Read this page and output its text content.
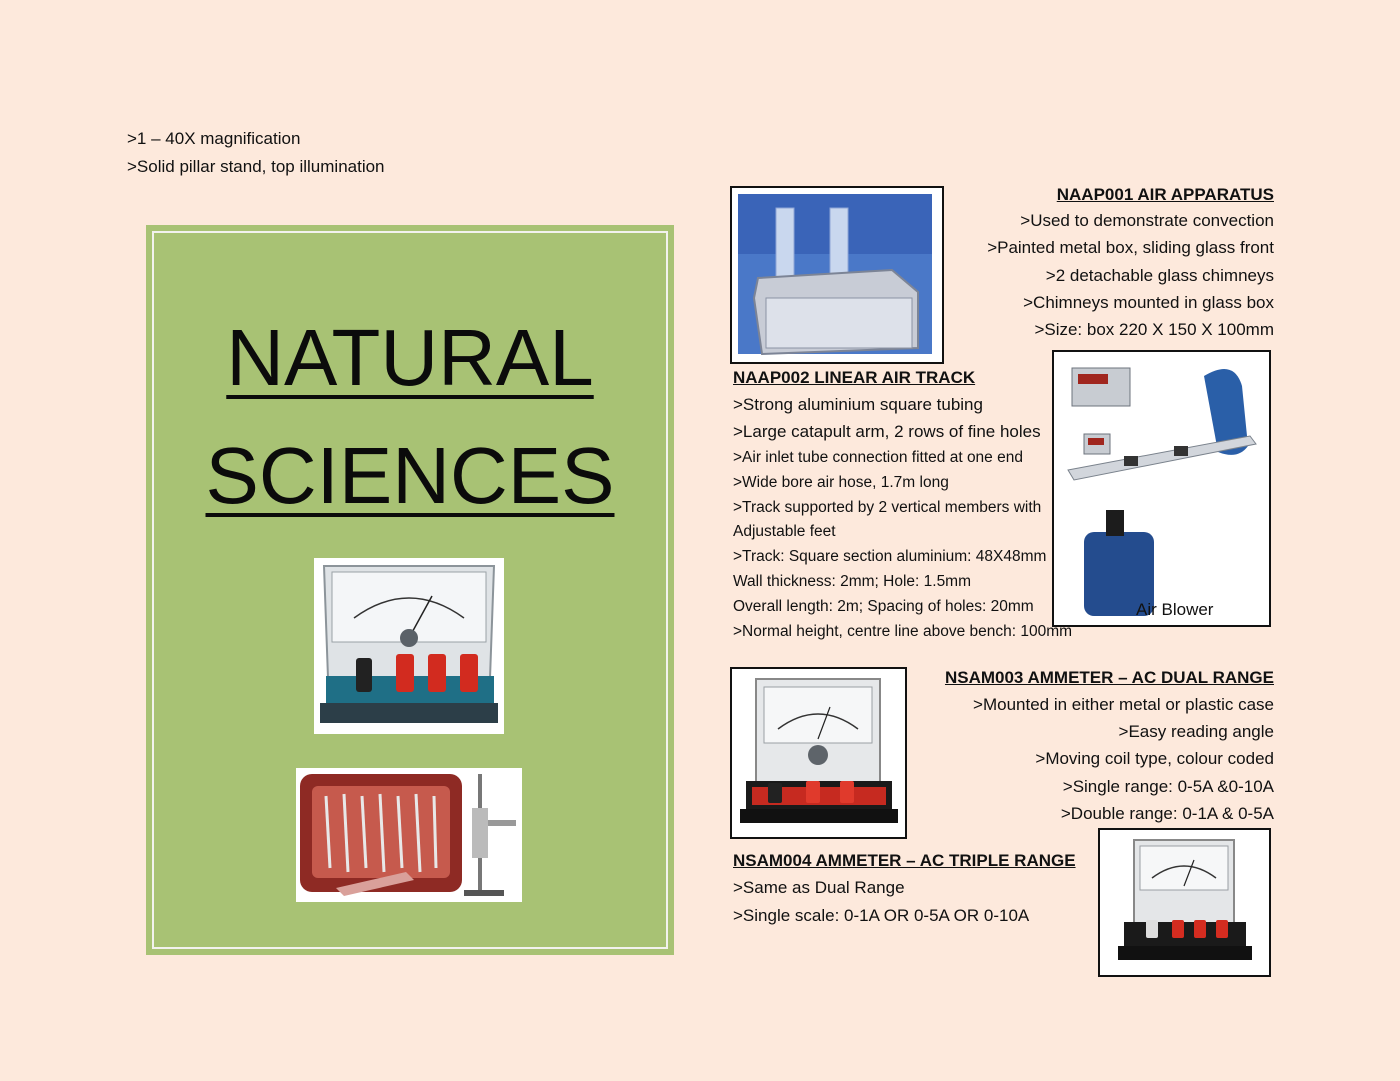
>1 – 40X magnification
>Solid pillar stand, top illumination
NATURAL
SCIENCES
NAAP001 AIR APPARATUS
>Used to demonstrate convection
>Painted metal box, sliding glass front
>2 detachable glass chimneys
>Chimneys mounted in glass box
>Size: box 220 X 150 X 100mm
Air Blower
NAAP002 LINEAR AIR TRACK
>Strong aluminium square tubing
>Large catapult arm, 2 rows of fine holes
>Air inlet tube connection fitted at one end
>Wide bore air hose, 1.7m long
>Track supported by 2 vertical members with
Adjustable feet
>Track: Square section aluminium: 48X48mm
Wall thickness: 2mm; Hole: 1.5mm
Overall length: 2m; Spacing of holes: 20mm
>Normal height, centre line above bench: 100mm
NSAM003 AMMETER – AC DUAL RANGE
>Mounted in either metal or plastic case
>Easy reading angle
>Moving coil type, colour coded
>Single range: 0-5A &0-10A
>Double range: 0-1A & 0-5A
NSAM004 AMMETER – AC TRIPLE RANGE
>Same as Dual Range
>Single scale: 0-1A OR 0-5A OR 0-10A
